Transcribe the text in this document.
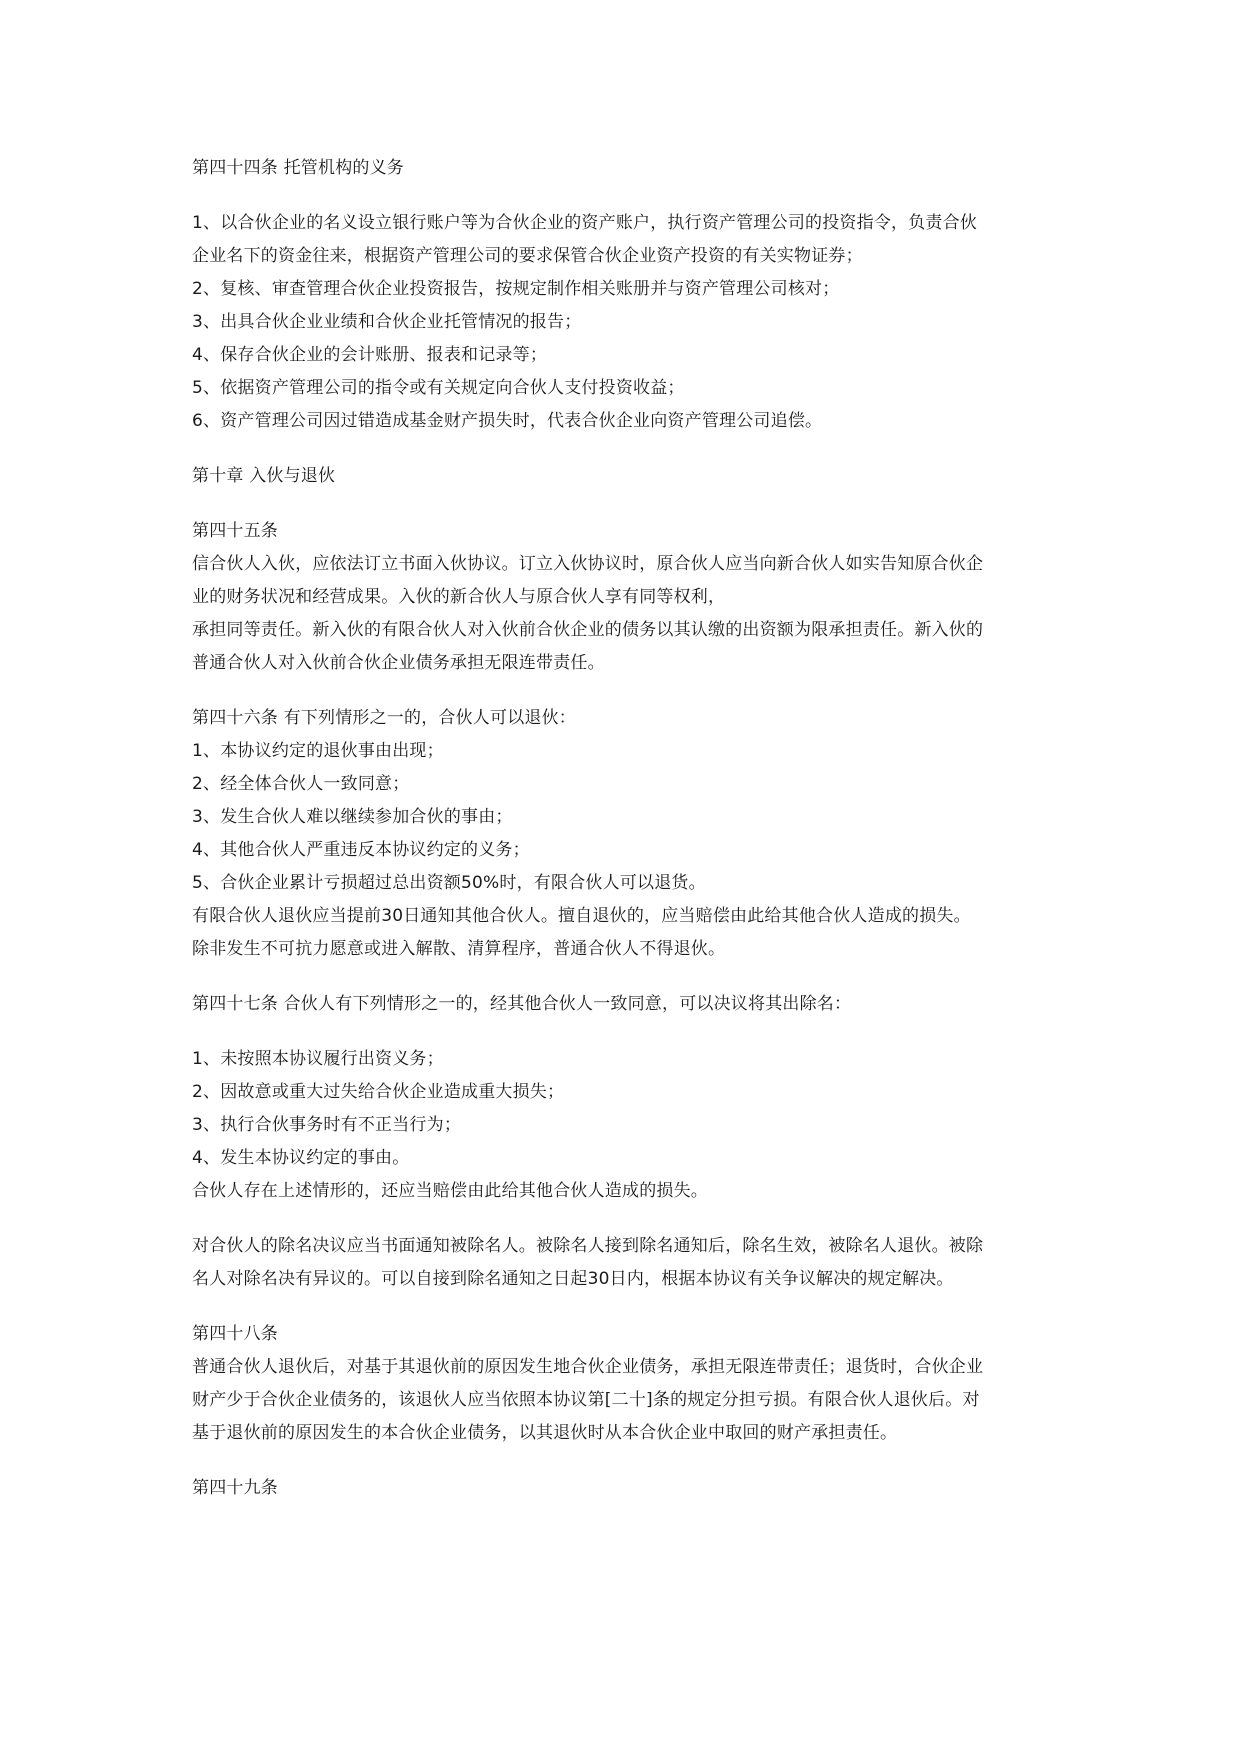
第四十四条 托管机构的义务
1、以合伙企业的名义设立银行账户等为合伙企业的资产账户，执行资产管理公司的投资指令，负责合伙
企业名下的资金往来，根据资产管理公司的要求保管合伙企业资产投资的有关实物证券；
2、复核、审查管理合伙企业投资报告，按规定制作相关账册并与资产管理公司核对；
3、出具合伙企业业绩和合伙企业托管情况的报告；
4、保存合伙企业的会计账册、报表和记录等；
5、依据资产管理公司的指令或有关规定向合伙人支付投资收益；
6、资产管理公司因过错造成基金财产损失时，代表合伙企业向资产管理公司追偿。
第十章 入伙与退伙
第四十五条
信合伙人入伙，应依法订立书面入伙协议。订立入伙协议时，原合伙人应当向新合伙人如实告知原合伙企
业的财务状况和经营成果。入伙的新合伙人与原合伙人享有同等权利，
承担同等责任。新入伙的有限合伙人对入伙前合伙企业的债务以其认缴的出资额为限承担责任。新入伙的
普通合伙人对入伙前合伙企业债务承担无限连带责任。
第四十六条 有下列情形之一的，合伙人可以退伙：
1、本协议约定的退伙事由出现；
2、经全体合伙人一致同意；
3、发生合伙人难以继续参加合伙的事由；
4、其他合伙人严重违反本协议约定的义务；
5、合伙企业累计亏损超过总出资额50%时，有限合伙人可以退货。
有限合伙人退伙应当提前30日通知其他合伙人。擅自退伙的，应当赔偿由此给其他合伙人造成的损失。
除非发生不可抗力愿意或进入解散、清算程序，普通合伙人不得退伙。
第四十七条 合伙人有下列情形之一的，经其他合伙人一致同意，可以决议将其出除名：
1、未按照本协议履行出资义务；
2、因故意或重大过失给合伙企业造成重大损失；
3、执行合伙事务时有不正当行为；
4、发生本协议约定的事由。
合伙人存在上述情形的，还应当赔偿由此给其他合伙人造成的损失。
对合伙人的除名决议应当书面通知被除名人。被除名人接到除名通知后，除名生效，被除名人退伙。被除
名人对除名决有异议的。可以自接到除名通知之日起30日内，根据本协议有关争议解决的规定解决。
第四十八条
普通合伙人退伙后，对基于其退伙前的原因发生地合伙企业债务，承担无限连带责任；退货时，合伙企业
财产少于合伙企业债务的，该退伙人应当依照本协议第[二十]条的规定分担亏损。有限合伙人退伙后。对
基于退伙前的原因发生的本合伙企业债务，以其退伙时从本合伙企业中取回的财产承担责任。
第四十九条
